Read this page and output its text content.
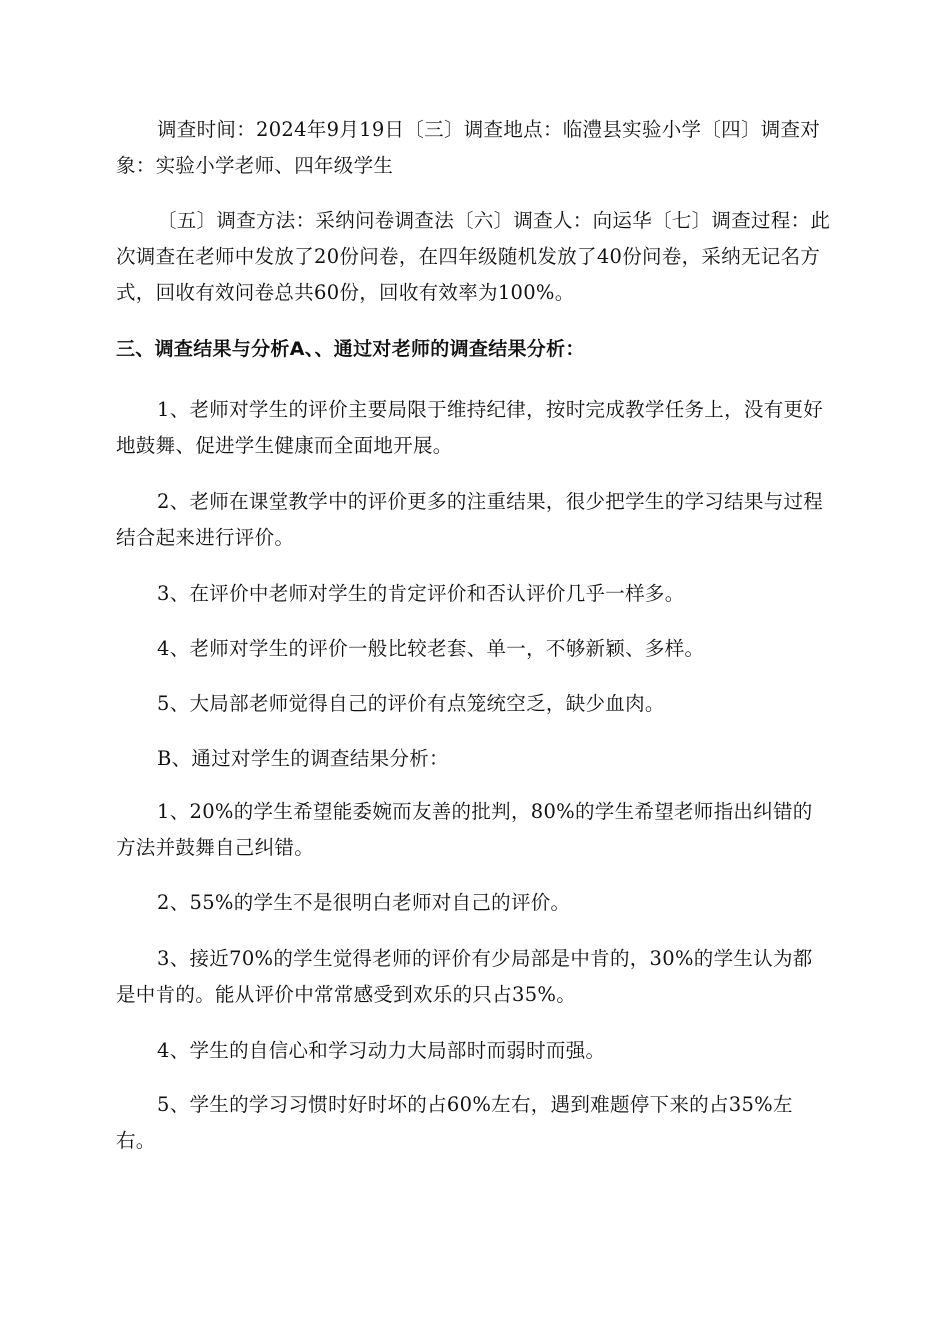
调查时间：2024年9月19日〔三〕调查地点：临澧县实验小学〔四〕调查对象：实验小学老师、四年级学生

〔五〕调查方法：采纳问卷调查法〔六〕调查人：向运华〔七〕调查过程：此次调查在老师中发放了20份问卷，在四年级随机发放了40份问卷，采纳无记名方式，回收有效问卷总共60份，回收有效率为100%。

三、调查结果与分析A、、通过对老师的调查结果分析：

1、老师对学生的评价主要局限于维持纪律，按时完成教学任务上，没有更好地鼓舞、促进学生健康而全面地开展。

2、老师在课堂教学中的评价更多的注重结果，很少把学生的学习结果与过程结合起来进行评价。

3、在评价中老师对学生的肯定评价和否认评价几乎一样多。

4、老师对学生的评价一般比较老套、单一，不够新颖、多样。

5、大局部老师觉得自己的评价有点笼统空乏，缺少血肉。

B、通过对学生的调查结果分析：

1、20%的学生希望能委婉而友善的批判，80%的学生希望老师指出纠错的方法并鼓舞自己纠错。

2、55%的学生不是很明白老师对自己的评价。

3、接近70%的学生觉得老师的评价有少局部是中肯的，30%的学生认为都是中肯的。能从评价中常常感受到欢乐的只占35%。

4、学生的自信心和学习动力大局部时而弱时而强。

5、学生的学习习惯时好时坏的占60%左右，遇到难题停下来的占35%左右。
